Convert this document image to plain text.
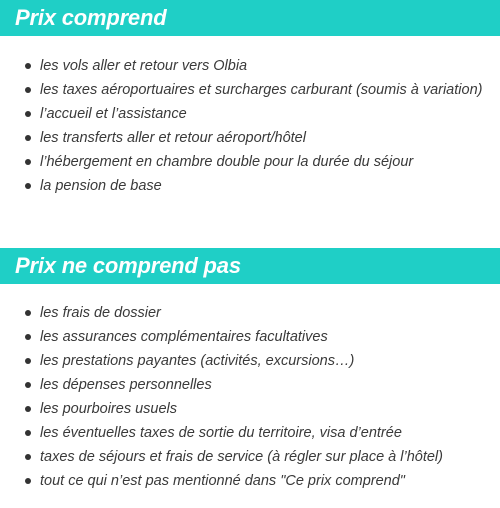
Prix comprend
les vols aller et retour vers Olbia
les taxes aéroportuaires et surcharges carburant (soumis à variation)
l’accueil et l’assistance
les transferts aller et retour aéroport/hôtel
l’hébergement en chambre double pour la durée du séjour
la pension de base
Prix ne comprend pas
les frais de dossier
les assurances complémentaires facultatives
les prestations payantes (activités, excursions…)
les dépenses personnelles
les pourboires usuels
les éventuelles taxes de sortie du territoire, visa d’entrée
taxes de séjours et frais de service (à régler sur place à l’hôtel)
tout ce qui n’est pas mentionné dans "Ce prix comprend"
